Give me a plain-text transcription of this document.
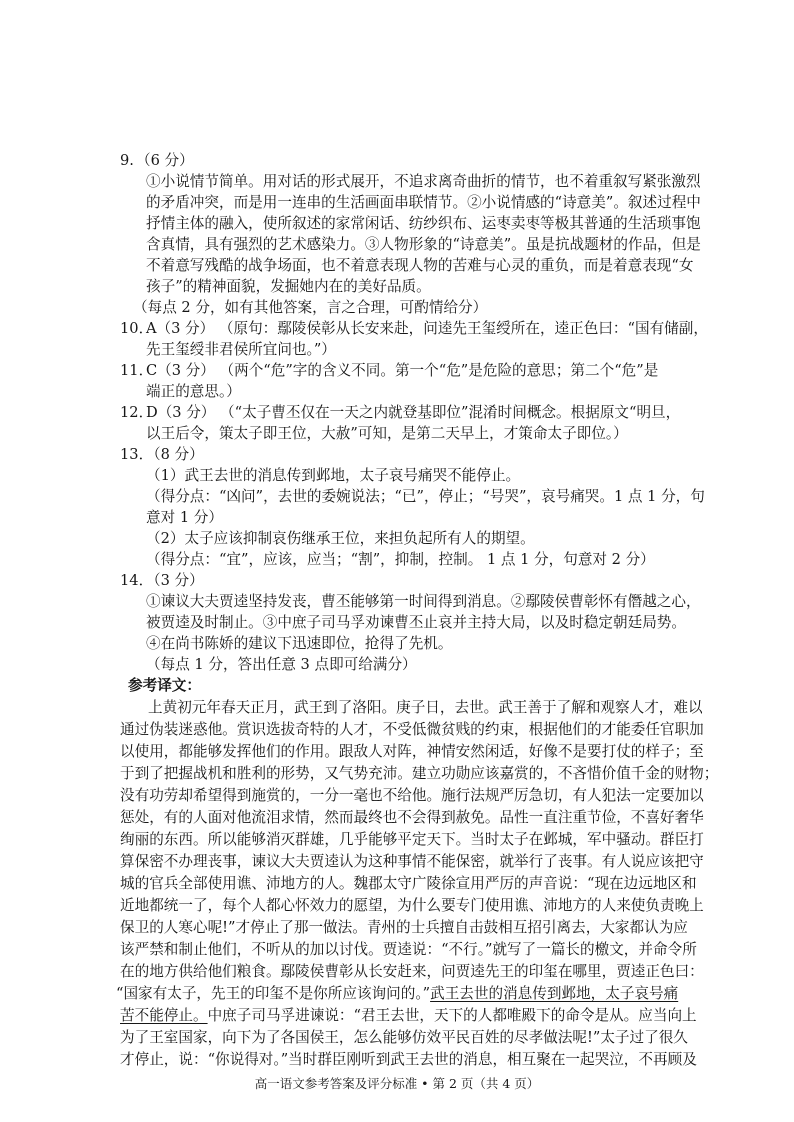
9. （6 分）
①小说情节简单。用对话的形式展开，不追求离奇曲折的情节，也不着重叙写紧张激烈
的矛盾冲突，而是用一连串的生活画面串联情节。②小说情感的“诗意美”。叙述过程中
抒情主体的融入，使所叙述的家常闲话、纺纱织布、运枣卖枣等极其普通的生活琐事饱
含真情，具有强烈的艺术感染力。③人物形象的“诗意美”。虽是抗战题材的作品，但是
不着意写残酷的战争场面，也不着意表现人物的苦难与心灵的重负，而是着意表现“女
孩子”的精神面貌，发掘她内在的美好品质。
（每点 2 分，如有其他答案，言之合理，可酌情给分）
10．
A（3 分） （原句：鄢陵侯彰从长安来赴，问逵先王玺绶所在，逵正色曰：“国有储副，
先王玺绶非君侯所宜问也。”）
11．
C（3 分） （两个“危”字的含义不同。第一个“危”是危险的意思；第二个“危”是
端正的意思。）
12．
D（3 分） （“太子曹丕仅在一天之内就登基即位”混淆时间概念。根据原文“明旦，
以王后令，策太子即王位，大赦”可知，是第二天早上，才策命太子即位。）
13．
（8 分）
（1）武王去世的消息传到邺地，太子哀号痛哭不能停止。
（得分点：“凶问”，去世的委婉说法；“已”，停止；“号哭”，哀号痛哭。1 点 1 分，句
意对 1 分）
（2）太子应该抑制哀伤继承王位，来担负起所有人的期望。
（得分点：“宜”，应该，应当；“割”，抑制，控制。 1 点 1 分，句意对 2 分）
14．
（3 分）
①谏议大夫贾逵坚持发丧，曹丕能够第一时间得到消息。②鄢陵侯曹彰怀有僭越之心，
被贾逵及时制止。③中庶子司马孚劝谏曹丕止哀并主持大局，以及时稳定朝廷局势。
④在尚书陈娇的建议下迅速即位，抢得了先机。
（每点 1 分，答出任意 3 点即可给满分）
参考译文：
上黄初元年春天正月，武王到了洛阳。庚子日，去世。武王善于了解和观察人才，难以
通过伪装迷惑他。赏识选拔奇特的人才，不受低微贫贱的约束，根据他们的才能委任官职加
以使用，都能够发挥他们的作用。跟敌人对阵，神情安然闲适，好像不是要打仗的样子；至
于到了把握战机和胜利的形势，又气势充沛。建立功勋应该嘉赏的，不吝惜价值千金的财物；
没有功劳却希望得到施赏的，一分一毫也不给他。施行法规严厉急切，有人犯法一定要加以
惩处，有的人面对他流泪求情，然而最终也不会得到赦免。品性一直注重节俭，不喜好奢华
绚丽的东西。所以能够消灭群雄，几乎能够平定天下。当时太子在邺城，军中骚动。群臣打
算保密不办理丧事，谏议大夫贾逵认为这种事情不能保密，就举行了丧事。有人说应该把守
城的官兵全部使用谯、沛地方的人。魏郡太守广陵徐宣用严厉的声音说：“现在边远地区和
近地都统一了，每个人都心怀效力的愿望，为什么要专门使用谯、沛地方的人来使负责晚上
保卫的人寒心呢!”才停止了那一做法。青州的士兵擅自击鼓相互招引离去，大家都认为应
该严禁和制止他们，不听从的加以讨伐。贾逵说：“不行。”就写了一篇长的檄文，并命令所
在的地方供给他们粮食。鄢陵侯曹彰从长安赶来，问贾逵先王的印玺在哪里，贾逵正色曰：
“国家有太子，先王的印玺不是你所应该询问的。”武王去世的消息传到邺地，太子哀号痛
苦不能停止。中庶子司马孚进谏说：“君王去世，天下的人都唯殿下的命令是从。应当向上
为了王室国家，向下为了各国侯王，怎么能够仿效平民百姓的尽孝做法呢!”太子过了很久
才停止，说：“你说得对。”当时群臣刚听到武王去世的消息，相互聚在一起哭泣，不再顾及
高一语文参考答案及评分标准 • 第 2 页（共 4 页）
